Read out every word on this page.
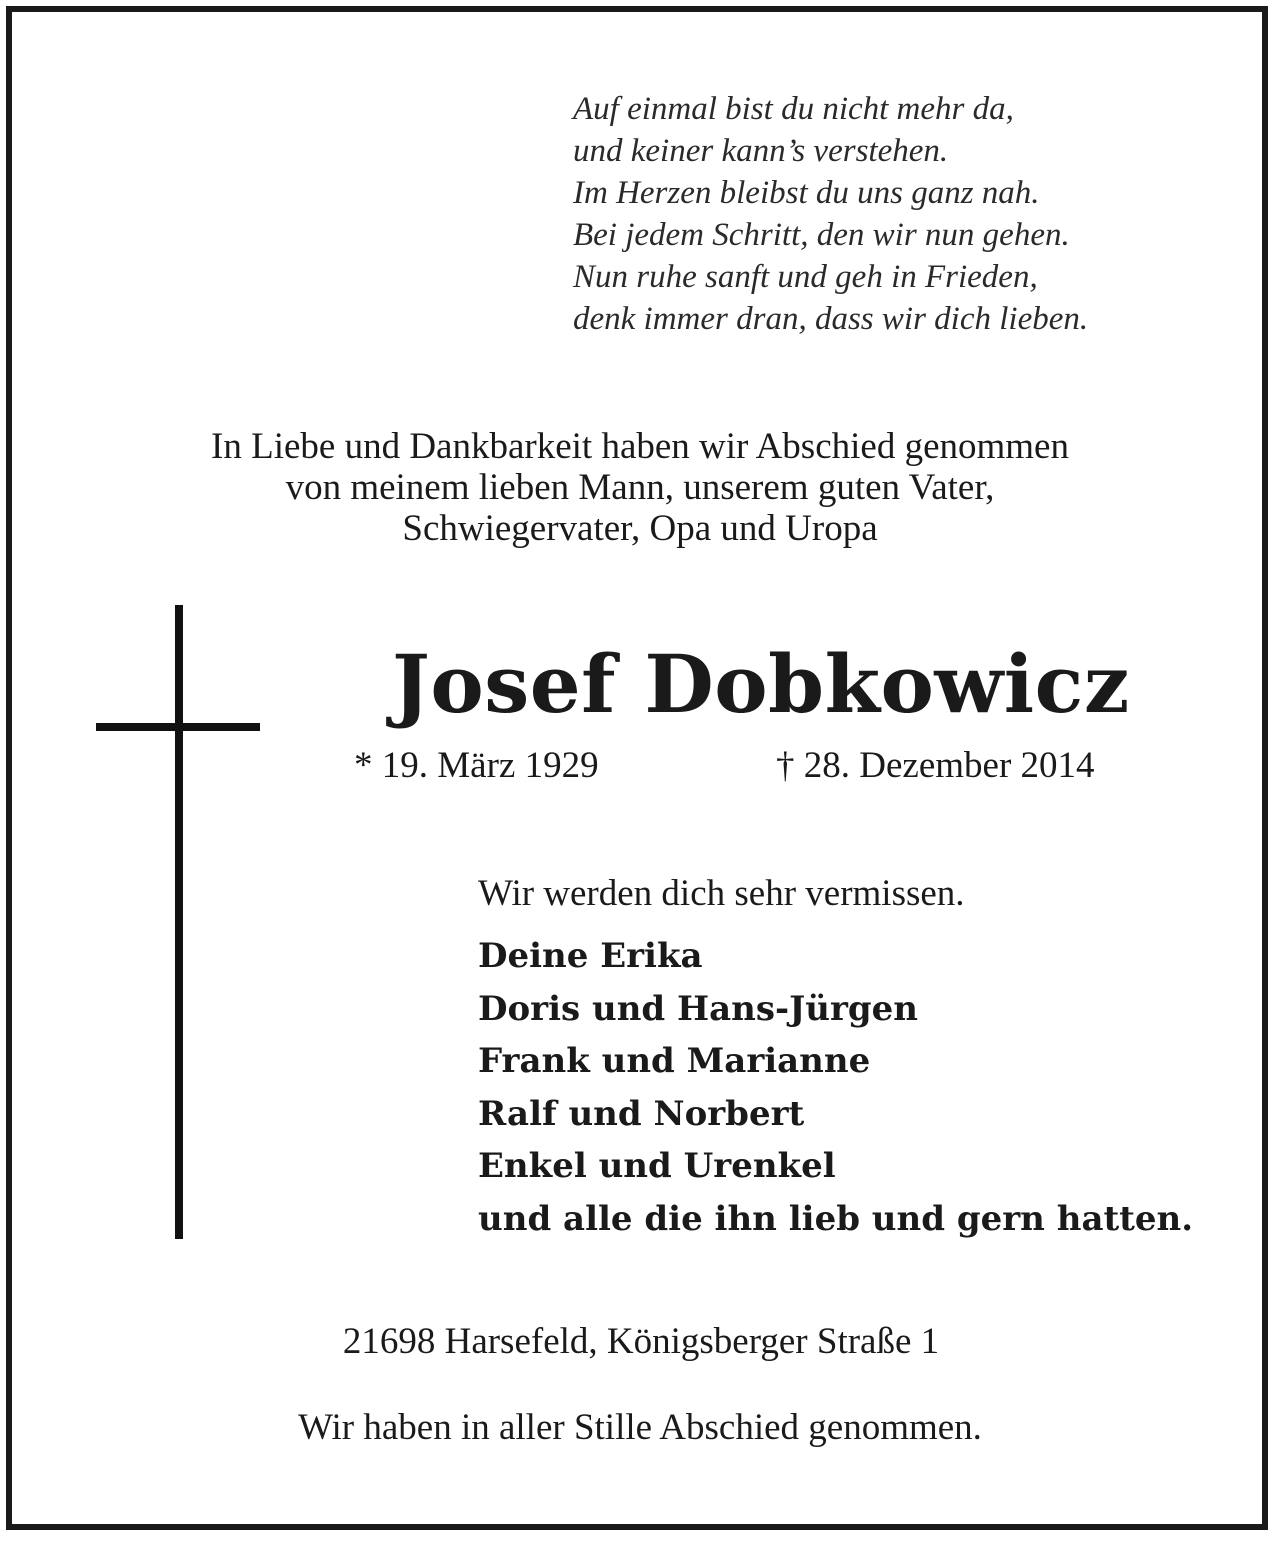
Auf einmal bist du nicht mehr da,
und keiner kann’s verstehen.
Im Herzen bleibst du uns ganz nah.
Bei jedem Schritt, den wir nun gehen.
Nun ruhe sanft und geh in Frieden,
denk immer dran, dass wir dich lieben.
In Liebe und Dankbarkeit haben wir Abschied genommen
von meinem lieben Mann, unserem guten Vater,
Schwiegervater, Opa und Uropa
Josef Dobkowicz
* 19. März 1929	† 28. Dezember 2014
Wir werden dich sehr vermissen.
Deine Erika
Doris und Hans-Jürgen
Frank und Marianne
Ralf und Norbert
Enkel und Urenkel
und alle die ihn lieb und gern hatten.
21698 Harsefeld, Königsberger Straße 1
Wir haben in aller Stille Abschied genommen.
